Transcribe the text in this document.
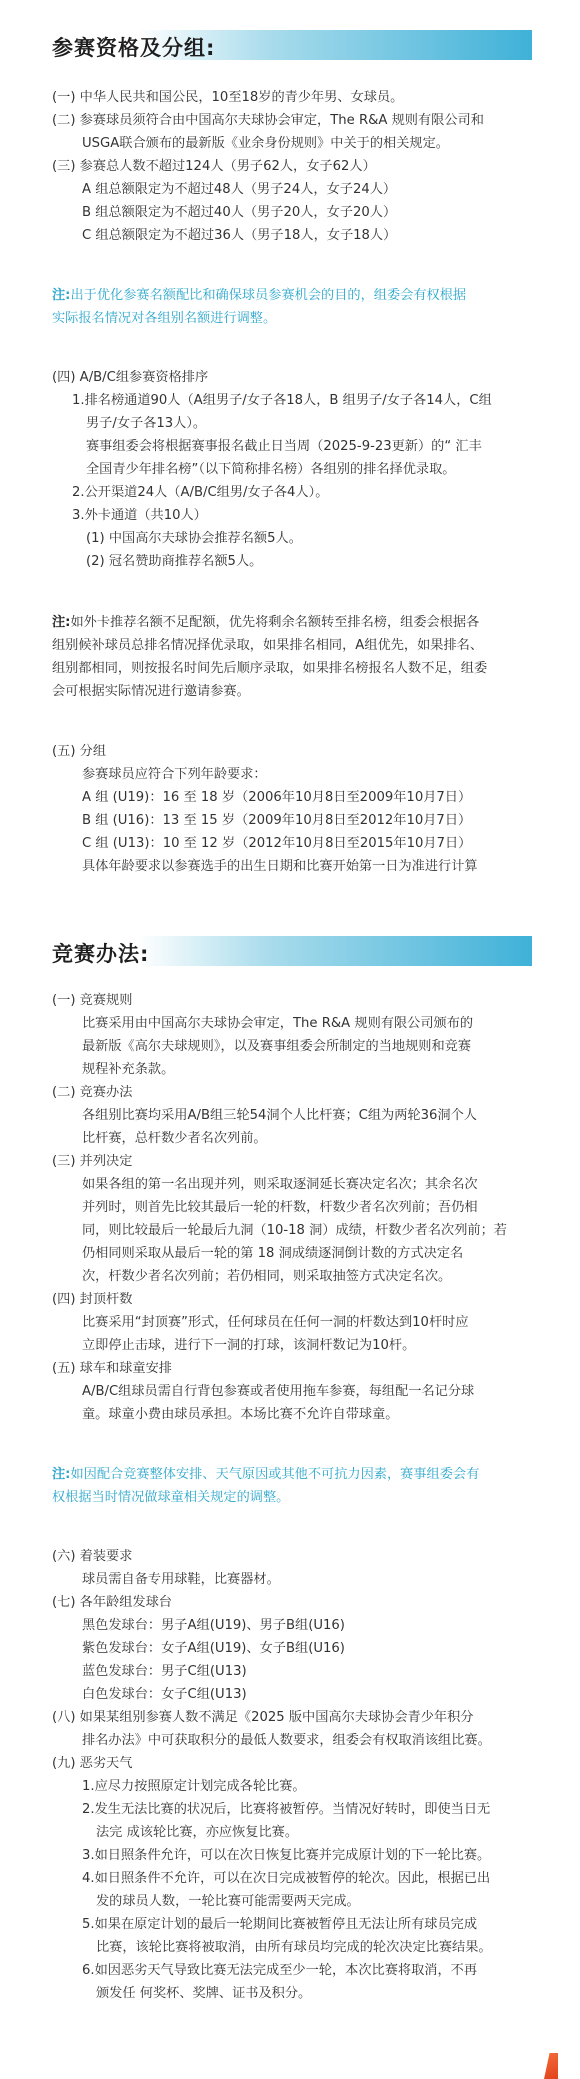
参赛资格及分组:
(一) 中华人民共和国公民，10至18岁的青少年男、女球员。
(二) 参赛球员须符合由中国高尔夫球协会审定，The R&A 规则有限公司和
USGA联合颁布的最新版《业余身份规则》中关于的相关规定。
(三) 参赛总人数不超过124人（男子62人，女子62人）
A 组总额限定为不超过48人（男子24人，女子24人）
B 组总额限定为不超过40人（男子20人，女子20人）
C 组总额限定为不超过36人（男子18人，女子18人）
注:出于优化参赛名额配比和确保球员参赛机会的目的，组委会有权根据
实际报名情况对各组别名额进行调整。
(四) A/B/C组参赛资格排序
1.排名榜通道90人（A组男子/女子各18人，B 组男子/女子各14人，C组
男子/女子各13人）。
赛事组委会将根据赛事报名截止日当周（2025-9-23更新）的“ 汇丰
全国青少年排名榜”（以下简称排名榜）各组别的排名择优录取。
2.公开渠道24人（A/B/C组男/女子各4人）。
3.外卡通道（共10人）
(1) 中国高尔夫球协会推荐名额5人。
(2) 冠名赞助商推荐名额5人。
注:如外卡推荐名额不足配额，优先将剩余名额转至排名榜，组委会根据各
组别候补球员总排名情况择优录取，如果排名相同，A组优先，如果排名、
组别都相同，则按报名时间先后顺序录取，如果排名榜报名人数不足，组委
会可根据实际情况进行邀请参赛。
(五) 分组
参赛球员应符合下列年龄要求：
A 组 (U19)：16 至 18 岁（2006年10月8日至2009年10月7日）
B 组 (U16)：13 至 15 岁（2009年10月8日至2012年10月7日）
C 组 (U13)：10 至 12 岁（2012年10月8日至2015年10月7日）
具体年龄要求以参赛选手的出生日期和比赛开始第一日为准进行计算
竞赛办法:
(一) 竞赛规则
比赛采用由中国高尔夫球协会审定，The R&A 规则有限公司颁布的
最新版《高尔夫球规则》，以及赛事组委会所制定的当地规则和竞赛
规程补充条款。
(二) 竞赛办法
各组别比赛均采用A/B组三轮54洞个人比杆赛；C组为两轮36洞个人
比杆赛，总杆数少者名次列前。
(三) 并列决定
如果各组的第一名出现并列，则采取逐洞延长赛决定名次；其余名次
并列时，则首先比较其最后一轮的杆数，杆数少者名次列前；吾仍相
同，则比较最后一轮最后九洞（10-18 洞）成绩，杆数少者名次列前；若
仍相同则采取从最后一轮的第 18 洞成绩逐洞倒计数的方式决定名
次，杆数少者名次列前；若仍相同，则采取抽签方式决定名次。
(四) 封顶杆数
比赛采用“封顶赛”形式，任何球员在任何一洞的杆数达到10杆时应
立即停止击球，进行下一洞的打球，该洞杆数记为10杆。
(五) 球车和球童安排
A/B/C组球员需自行背包参赛或者使用拖车参赛，每组配一名记分球
童。球童小费由球员承担。本场比赛不允许自带球童。
注:如因配合竞赛整体安排、天气原因或其他不可抗力因素，赛事组委会有
权根据当时情况做球童相关规定的调整。
(六) 着装要求
球员需自备专用球鞋，比赛器材。
(七) 各年龄组发球台
黑色发球台：男子A组(U19)、男子B组(U16)
紫色发球台：女子A组(U19)、女子B组(U16)
蓝色发球台：男子C组(U13)
白色发球台：女子C组(U13)
(八) 如果某组别参赛人数不满足《2025 版中国高尔夫球协会青少年积分
排名办法》中可获取积分的最低人数要求，组委会有权取消该组比赛。
(九) 恶劣天气
1.应尽力按照原定计划完成各轮比赛。
2.发生无法比赛的状况后，比赛将被暂停。当情况好转时，即使当日无
法完 成该轮比赛，亦应恢复比赛。
3.如日照条件允许，可以在次日恢复比赛并完成原计划的下一轮比赛。
4.如日照条件不允许，可以在次日完成被暂停的轮次。因此，根据已出
发的球员人数，一轮比赛可能需要两天完成。
5.如果在原定计划的最后一轮期间比赛被暂停且无法让所有球员完成
比赛，该轮比赛将被取消，由所有球员均完成的轮次决定比赛结果。
6.如因恶劣天气导致比赛无法完成至少一轮，本次比赛将取消，不再
颁发任 何奖杯、奖牌、证书及积分。
